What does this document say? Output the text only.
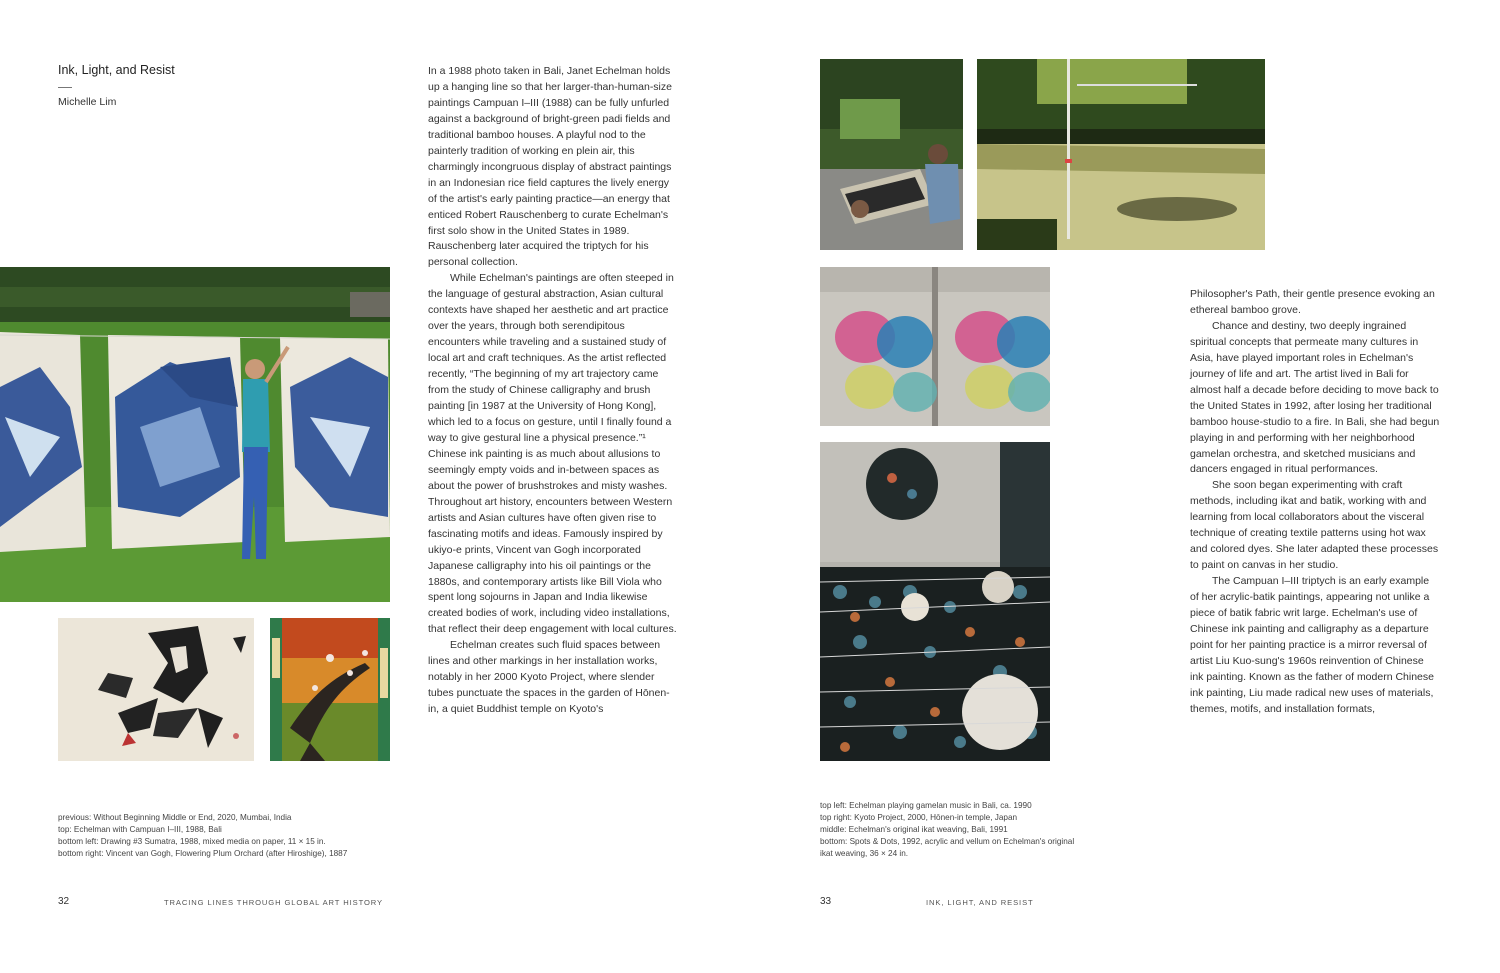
Ink, Light, and Resist
Michelle Lim

In a 1988 photo taken in Bali, Janet Echelman holds up a hanging line so that her larger-than-human-size paintings Campuan I–III (1988) can be fully unfurled against a background of bright-green padi fields and traditional bamboo houses. A playful nod to the painterly tradition of working en plein air, this charmingly incongruous display of abstract paintings in an Indonesian rice field captures the lively energy of the artist's early painting practice—an energy that enticed Robert Rauschenberg to curate Echelman's first solo show in the United States in 1989. Rauschenberg later acquired the triptych for his personal collection.

While Echelman's paintings are often steeped in the language of gestural abstraction, Asian cultural contexts have shaped her aesthetic and art practice over the years, through both serendipitous encounters while traveling and a sustained study of local art and craft techniques. As the artist reflected recently, “The beginning of my art trajectory came from the study of Chinese calligraphy and brush painting [in 1987 at the University of Hong Kong], which led to a focus on gesture, until I finally found a way to give gestural line a physical presence.”¹ Chinese ink painting is as much about allusions to seemingly empty voids and in-between spaces as about the power of brushstrokes and misty washes. Throughout art history, encounters between Western artists and Asian cultures have often given rise to fascinating motifs and ideas. Famously inspired by ukiyo-e prints, Vincent van Gogh incorporated Japanese calligraphy into his oil paintings or the 1880s, and contemporary artists like Bill Viola who spent long sojourns in Japan and India likewise created bodies of work, including video installations, that reflect their deep engagement with local cultures.

Echelman creates such fluid spaces between lines and other markings in her installation works, notably in her 2000 Kyoto Project, where slender tubes punctuate the spaces in the garden of Hōnen-in, a quiet Buddhist temple on Kyoto's

previous: Without Beginning Middle or End, 2020, Mumbai, India

top: Echelman with Campuan I–III, 1988, Bali

bottom left: Drawing #3 Sumatra, 1988, mixed media on paper, 11 × 15 in.

bottom right: Vincent van Gogh, Flowering Plum Orchard (after Hiroshige), 1887

32	TRACING LINES THROUGH GLOBAL ART HISTORY

Philosopher's Path, their gentle presence evoking an ethereal bamboo grove.

Chance and destiny, two deeply ingrained spiritual concepts that permeate many cultures in Asia, have played important roles in Echelman's journey of life and art. The artist lived in Bali for almost half a decade before deciding to move back to the United States in 1992, after losing her traditional bamboo house-studio to a fire. In Bali, she had begun playing in and performing with her neighborhood gamelan orchestra, and sketched musicians and dancers engaged in ritual performances.

She soon began experimenting with craft methods, including ikat and batik, working with and learning from local collaborators about the visceral technique of creating textile patterns using hot wax and colored dyes. She later adapted these processes to paint on canvas in her studio.

The Campuan I–III triptych is an early example of her acrylic-batik paintings, appearing not unlike a piece of batik fabric writ large. Echelman's use of Chinese ink painting and calligraphy as a departure point for her painting practice is a mirror reversal of artist Liu Kuo-sung's 1960s reinvention of Chinese ink painting. Known as the father of modern Chinese ink painting, Liu made radical new uses of materials, themes, motifs, and installation formats,

top left: Echelman playing gamelan music in Bali, ca. 1990

top right: Kyoto Project, 2000, Hōnen-in temple, Japan

middle: Echelman's original ikat weaving, Bali, 1991

bottom: Spots & Dots, 1992, acrylic and vellum on Echelman's original ikat weaving, 36 × 24 in.

33	INK, LIGHT, AND RESIST
